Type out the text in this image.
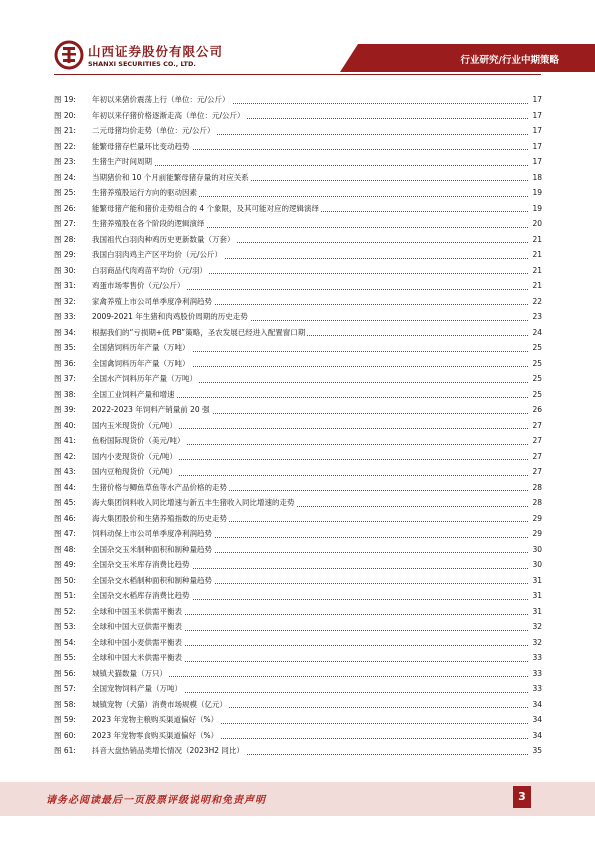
山西证券股份有限公司
SHANXI SECURITIES CO., LTD.	行业研究/行业中期策略
图 19:	年初以来猪价震荡上行（单位：元/公斤）	17
图 20:	年初以来仔猪价格逐渐走高（单位：元/公斤）	17
图 21:	二元母猪均价走势（单位：元/公斤）	17
图 22:	能繁母猪存栏量环比变动趋势	17
图 23:	生猪生产时间周期	17
图 24:	当期猪价和 10 个月前能繁母猪存量的对应关系	18
图 25:	生猪养殖股运行方向的驱动因素	19
图 26:	能繁母猪产能和猪价走势组合的 4 个象限，及其可能对应的逻辑演绎	19
图 27:	生猪养殖股在各个阶段的逻辑演绎	20
图 28:	我国祖代白羽肉种鸡历史更新数量（万套）	21
图 29:	我国白羽肉鸡主产区平均价（元/公斤）	21
图 30:	白羽商品代肉鸡苗平均价（元/羽）	21
图 31:	鸡蛋市场零售价（元/公斤）	21
图 32:	家禽养殖上市公司单季度净利润趋势	22
图 33:	2009-2021 年生猪和肉鸡股价周期的历史走势	23
图 34:	根据我们的“亏损期+低 PB”策略，圣农发展已经进入配置窗口期	24
图 35:	全国猪饲料历年产量（万吨）	25
图 36:	全国禽饲料历年产量（万吨）	25
图 37:	全国水产饲料历年产量（万吨）	25
图 38:	全国工业饲料产量和增速	25
图 39:	2022-2023 年饲料产销量前 20 强	26
图 40:	国内玉米现货价（元/吨）	27
图 41:	鱼粉国际现货价（美元/吨）	27
图 42:	国内小麦现货价（元/吨）	27
图 43:	国内豆粕现货价（元/吨）	27
图 44:	生猪价格与鲫鱼草鱼等水产品价格的走势	28
图 45:	海大集团饲料收入同比增速与新五丰生猪收入同比增速的走势	28
图 46:	海大集团股价和生猪养殖指数的历史走势	29
图 47:	饲料动保上市公司单季度净利润趋势	29
图 48:	全国杂交玉米制种面积和制种量趋势	30
图 49:	全国杂交玉米库存消费比趋势	30
图 50:	全国杂交水稻制种面积和制种量趋势	31
图 51:	全国杂交水稻库存消费比趋势	31
图 52:	全球和中国玉米供需平衡表	31
图 53:	全球和中国大豆供需平衡表	32
图 54:	全球和中国小麦供需平衡表	32
图 55:	全球和中国大米供需平衡表	33
图 56:	城镇犬猫数量（万只）	33
图 57:	全国宠物饲料产量（万吨）	33
图 58:	城镇宠物（犬猫）消费市场规模（亿元）	34
图 59:	2023 年宠物主粮购买渠道偏好（%）	34
图 60:	2023 年宠物零食购买渠道偏好（%）	34
图 61:	抖音大盘热销品类增长情况（2023H2 同比）	35
请务必阅读最后一页股票评级说明和免责声明	3
